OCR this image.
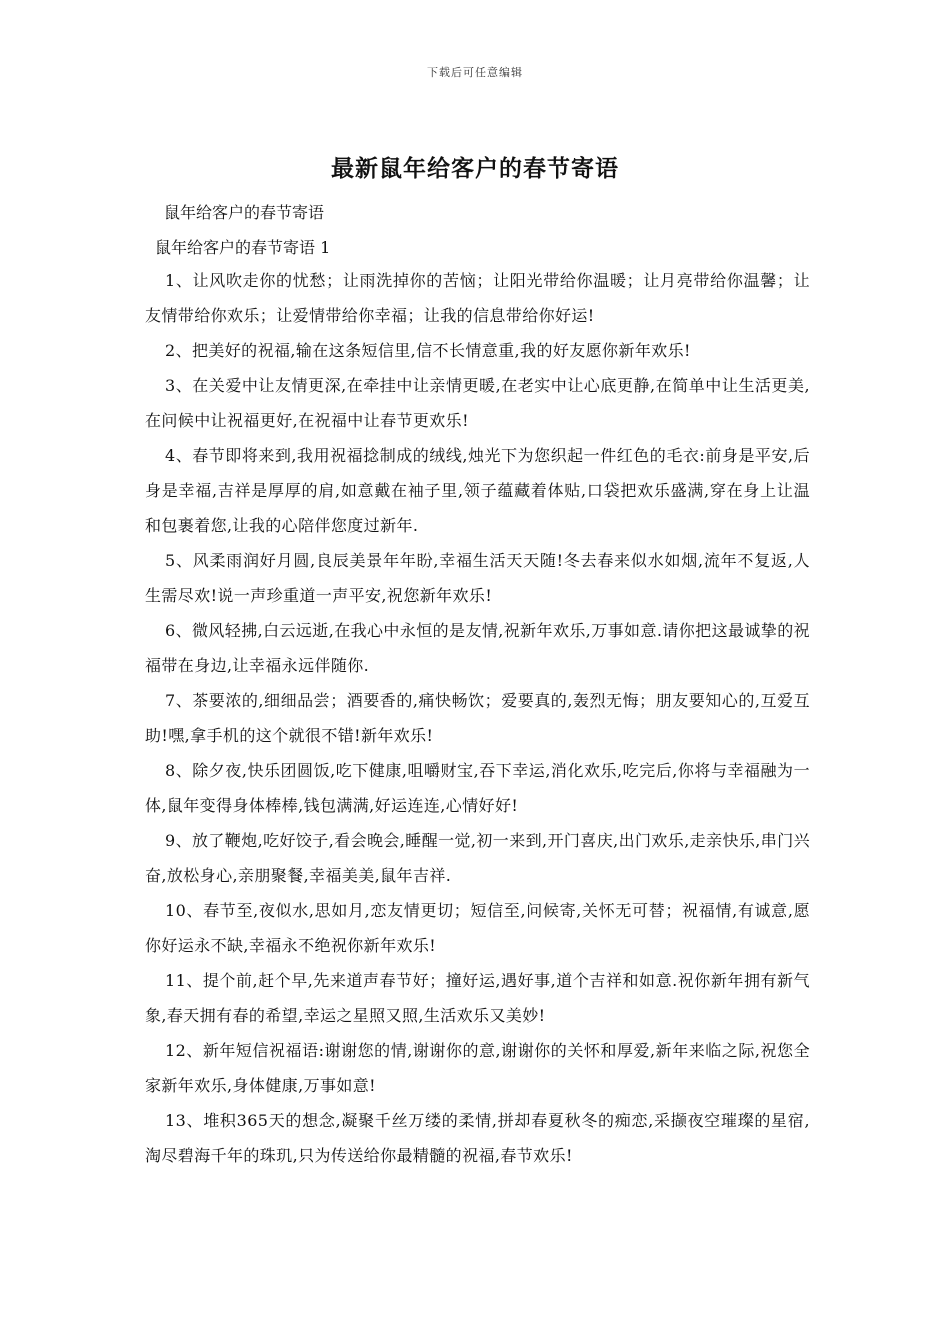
下载后可任意编辑
最新鼠年给客户的春节寄语

鼠年给客户的春节寄语

鼠年给客户的春节寄语 1

1、让风吹走你的忧愁；让雨洗掉你的苦恼；让阳光带给你温暖；让月亮带给你温馨；让友情带给你欢乐；让爱情带给你幸福；让我的信息带给你好运!

2、把美好的祝福,输在这条短信里,信不长情意重,我的好友愿你新年欢乐!

3、在关爱中让友情更深,在牵挂中让亲情更暖,在老实中让心底更静,在简单中让生活更美,在问候中让祝福更好,在祝福中让春节更欢乐!

4、春节即将来到,我用祝福捻制成的绒线,烛光下为您织起一件红色的毛衣:前身是平安,后身是幸福,吉祥是厚厚的肩,如意戴在袖子里,领子蕴藏着体贴,口袋把欢乐盛满,穿在身上让温和包裹着您,让我的心陪伴您度过新年.

5、风柔雨润好月圆,良辰美景年年盼,幸福生活天天随!冬去春来似水如烟,流年不复返,人生需尽欢!说一声珍重道一声平安,祝您新年欢乐!

6、微风轻拂,白云远逝,在我心中永恒的是友情,祝新年欢乐,万事如意.请你把这最诚挚的祝福带在身边,让幸福永远伴随你.

7、茶要浓的,细细品尝；酒要香的,痛快畅饮；爱要真的,轰烈无悔；朋友要知心的,互爱互助!嘿,拿手机的这个就很不错!新年欢乐!

8、除夕夜,快乐团圆饭,吃下健康,咀嚼财宝,吞下幸运,消化欢乐,吃完后,你将与幸福融为一体,鼠年变得身体棒棒,钱包满满,好运连连,心情好好!

9、放了鞭炮,吃好饺子,看会晚会,睡醒一觉,初一来到,开门喜庆,出门欢乐,走亲快乐,串门兴奋,放松身心,亲朋聚餐,幸福美美,鼠年吉祥.

10、春节至,夜似水,思如月,恋友情更切；短信至,问候寄,关怀无可替；祝福情,有诚意,愿你好运永不缺,幸福永不绝祝你新年欢乐!

11、提个前,赶个早,先来道声春节好；撞好运,遇好事,道个吉祥和如意.祝你新年拥有新气象,春天拥有春的希望,幸运之星照又照,生活欢乐又美妙!

12、新年短信祝福语:谢谢您的情,谢谢你的意,谢谢你的关怀和厚爱,新年来临之际,祝您全家新年欢乐,身体健康,万事如意!

13、堆积365天的想念,凝聚千丝万缕的柔情,拼却春夏秋冬的痴恋,采撷夜空璀璨的星宿,淘尽碧海千年的珠玑,只为传送给你最精髓的祝福,春节欢乐!
